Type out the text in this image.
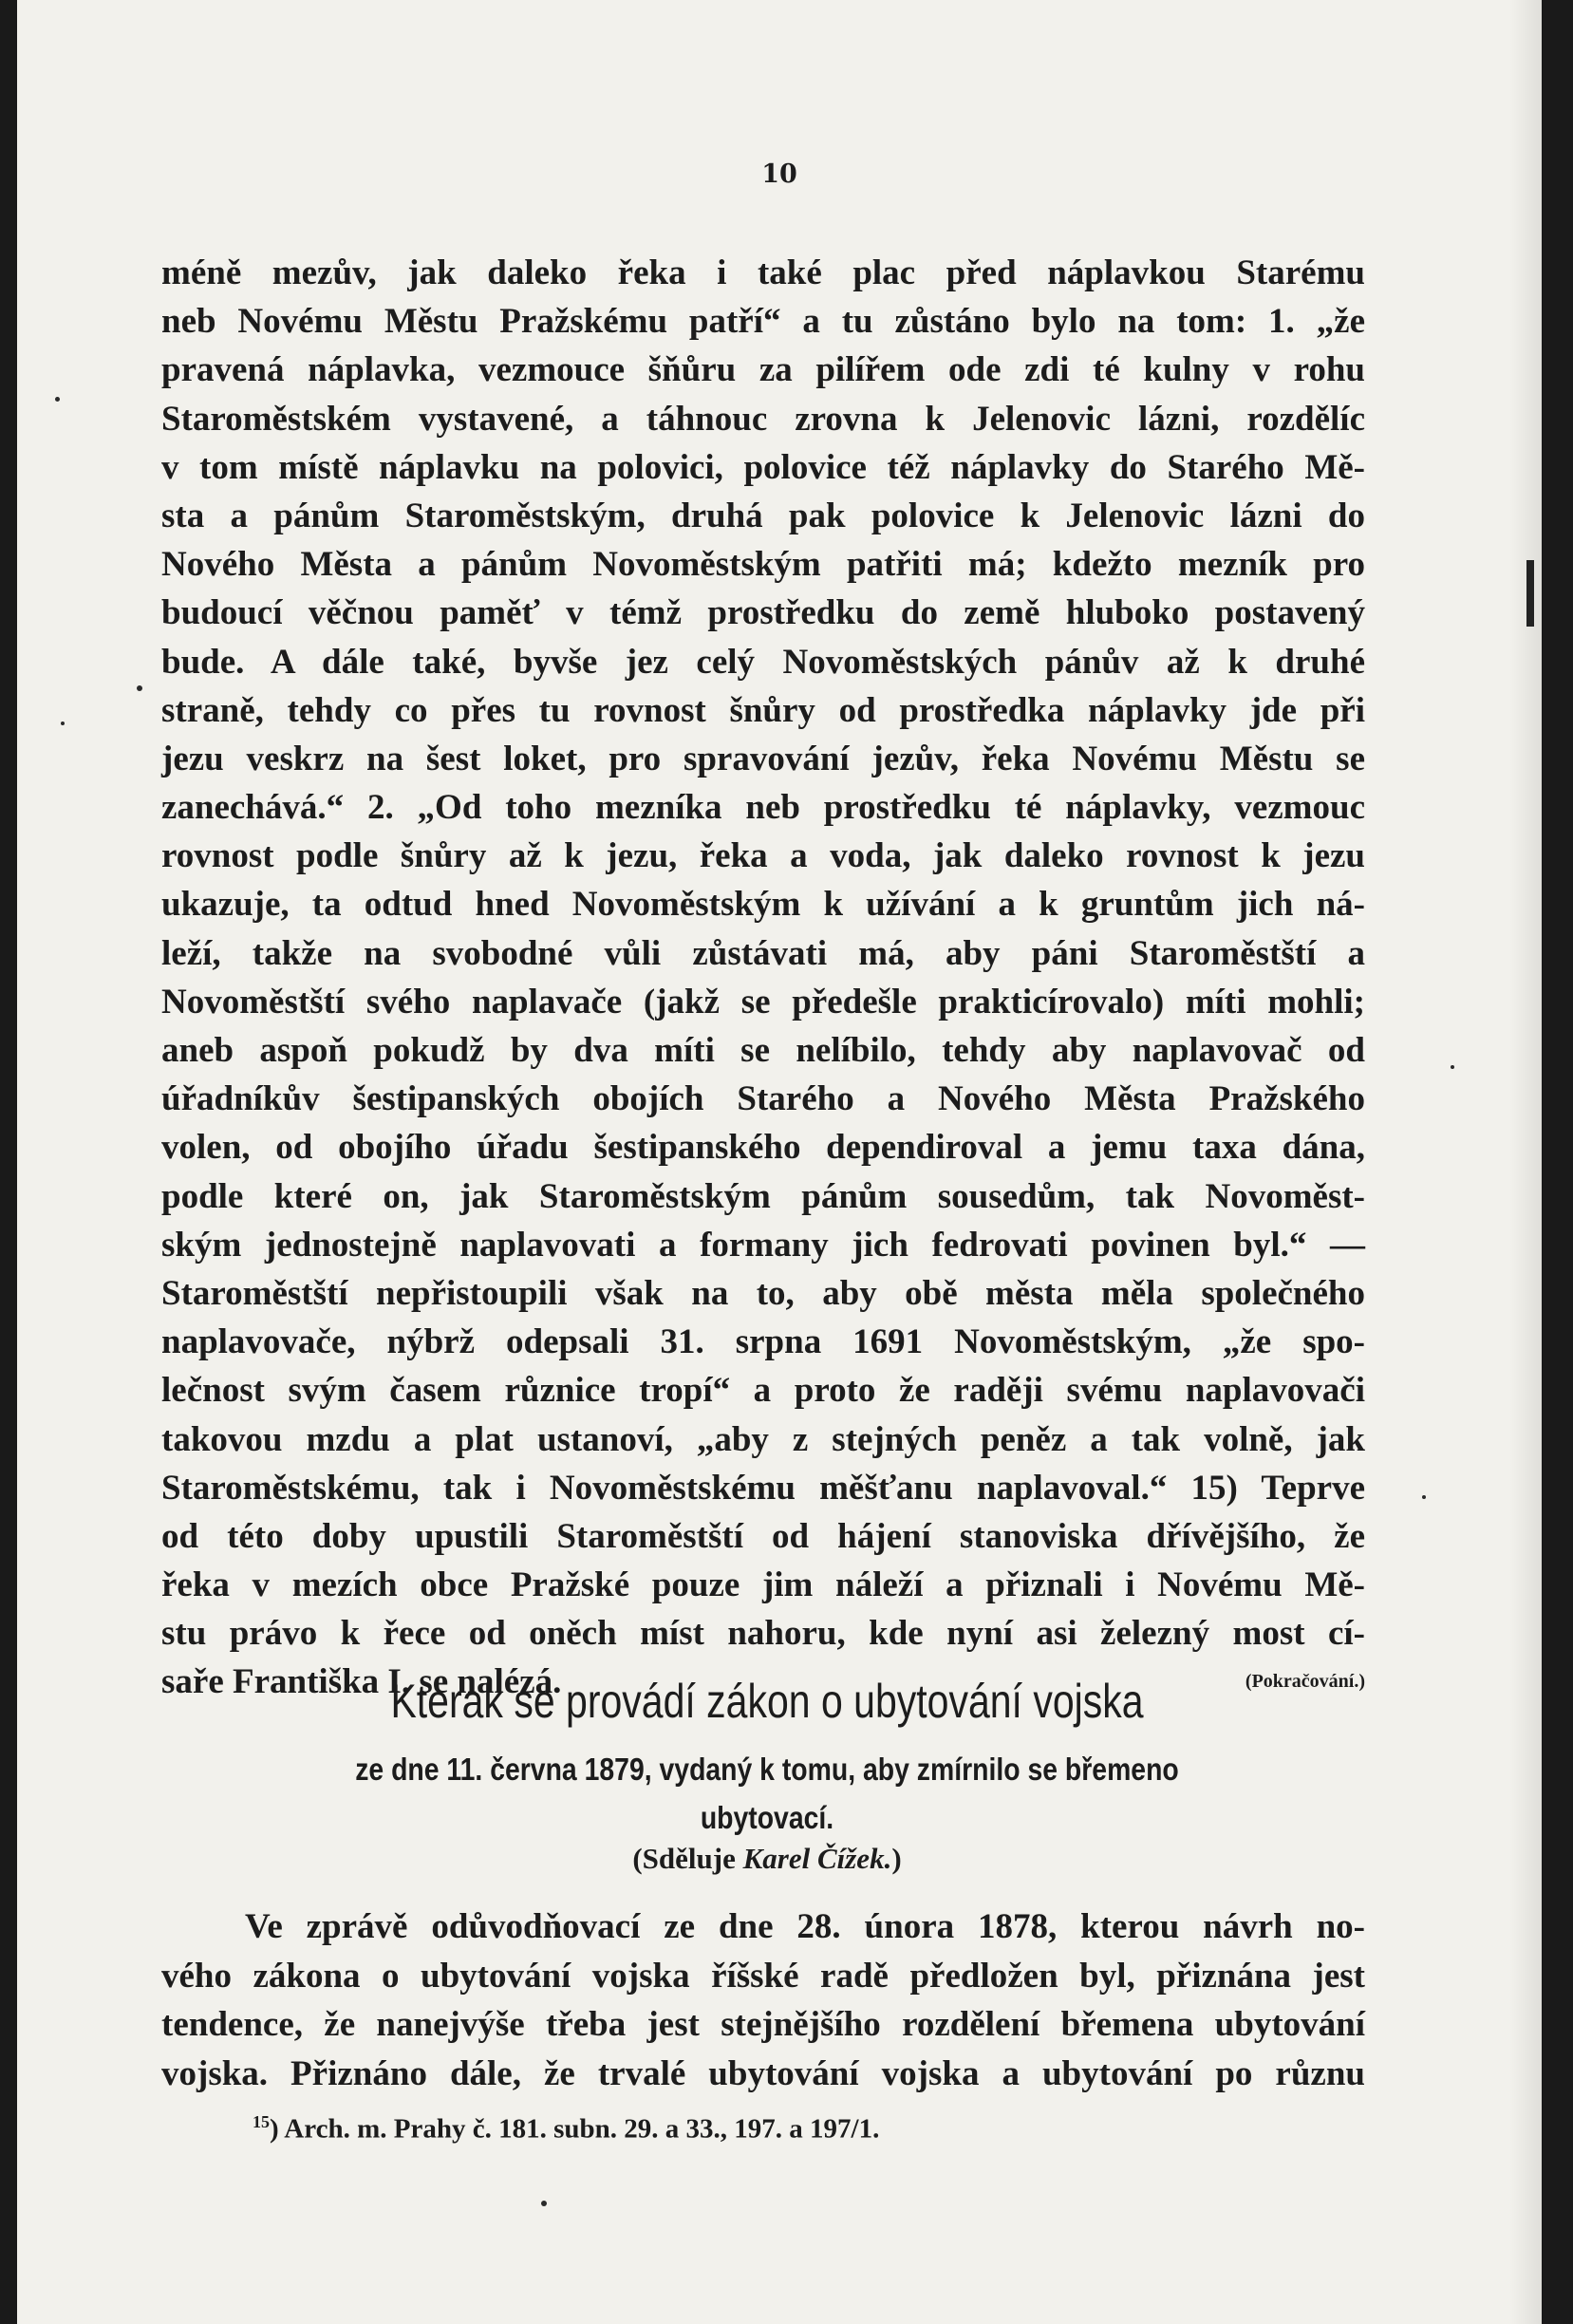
10
méně mezův, jak daleko řeka i také plac před náplavkou Starému
neb Novému Městu Pražskému patří“ a tu zůstáno bylo na tom: 1. „že
pravená náplavka, vezmouce šňůru za pilířem ode zdi té kulny v rohu
Staroměstském vystavené, a táhnouc zrovna k Jelenovic lázni, rozdělíc
v tom místě náplavku na polovici, polovice též náplavky do Starého Mě-
sta a pánům Staroměstským, druhá pak polovice k Jelenovic lázni do
Nového Města a pánům Novoměstským patřiti má; kdežto mezník pro
budoucí věčnou paměť v témž prostředku do země hluboko postavený
bude. A dále také, byvše jez celý Novoměstských pánův až k druhé
straně, tehdy co přes tu rovnost šnůry od prostředka náplavky jde při
jezu veskrz na šest loket, pro spravování jezův, řeka Novému Městu se
zanechává.“ 2. „Od toho mezníka neb prostředku té náplavky, vezmouc
rovnost podle šnůry až k jezu, řeka a voda, jak daleko rovnost k jezu
ukazuje, ta odtud hned Novoměstským k užívání a k gruntům jich ná-
leží, takže na svobodné vůli zůstávati má, aby páni Staroměstští a
Novoměstští svého naplavače (jakž se předešle prakticírovalo) míti mohli;
aneb aspoň pokudž by dva míti se nelíbilo, tehdy aby naplavovač od
úřadníkův šestipanských obojích Starého a Nového Města Pražského
volen, od obojího úřadu šestipanského dependiroval a jemu taxa dána,
podle které on, jak Staroměstským pánům sousedům, tak Novoměst-
ským jednostejně naplavovati a formany jich fedrovati povinen byl.“ —
Staroměstští nepřistoupili však na to, aby obě města měla společného
naplavovače, nýbrž odepsali 31. srpna 1691 Novoměstským, „že spo-
lečnost svým časem různice tropí“ a proto že raději svému naplavovači
takovou mzdu a plat ustanoví, „aby z stejných peněz a tak volně, jak
Staroměstskému, tak i Novoměstskému měšťanu naplavoval.“ 15) Teprve
od této doby upustili Staroměstští od hájení stanoviska dřívějšího, že
řeka v mezích obce Pražské pouze jim náleží a přiznali i Novému Mě-
stu právo k řece od oněch míst nahoru, kde nyní asi železný most cí-
saře Františka I. se nalézá.	(Pokračování.)
Kterak se provádí zákon o ubytování vojska
ze dne 11. června 1879, vydaný k tomu, aby zmírnilo se břemeno
ubytovací.
(Sděluje Karel Čížek.)
Ve zprávě odůvodňovací ze dne 28. února 1878, kterou návrh no-
vého zákona o ubytování vojska říšské radě předložen byl, přiznána jest
tendence, že nanejvýše třeba jest stejnějšího rozdělení břemena ubytování
vojska. Přiznáno dále, že trvalé ubytování vojska a ubytování po různu
$^{15}$) Arch. m. Prahy č. 181. subn. 29. a 33., 197. a 197/1.
